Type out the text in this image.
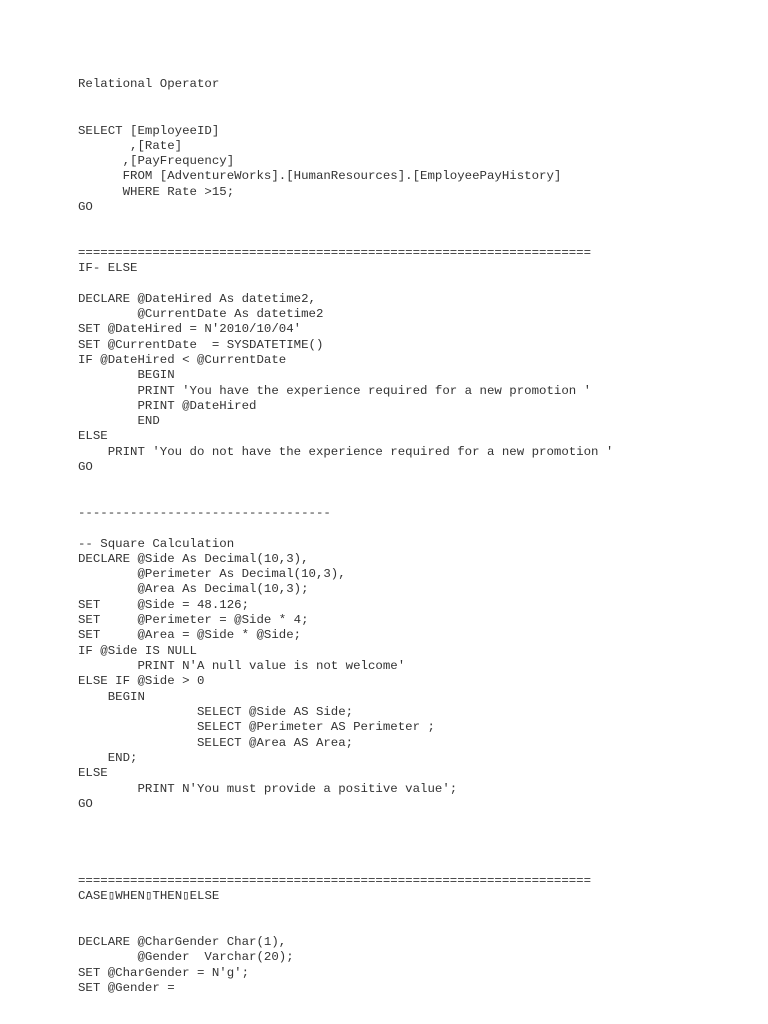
Relational Operator
SELECT [EmployeeID]
,[Rate]
,[PayFrequency]
FROM [AdventureWorks].[HumanResources].[EmployeePayHistory]
WHERE Rate >15;
GO
=====================================================================
IF- ELSE
DECLARE @DateHired As datetime2,
@CurrentDate As datetime2
SET @DateHired = N'2010/10/04'
SET @CurrentDate  = SYSDATETIME()
IF @DateHired < @CurrentDate
BEGIN
PRINT 'You have the experience required for a new promotion '
PRINT @DateHired
END
ELSE
PRINT 'You do not have the experience required for a new promotion '
GO
----------------------------------
-- Square Calculation
DECLARE @Side As Decimal(10,3),
@Perimeter As Decimal(10,3),
@Area As Decimal(10,3);
SET     @Side = 48.126;
SET     @Perimeter = @Side * 4;
SET     @Area = @Side * @Side;
IF @Side IS NULL
PRINT N'A null value is not welcome'
ELSE IF @Side > 0
BEGIN
SELECT @Side AS Side;
SELECT @Perimeter AS Perimeter ;
SELECT @Area AS Area;
END;
ELSE
PRINT N'You must provide a positive value';
GO
=====================================================================
CASE▯WHEN▯THEN▯ELSE
DECLARE @CharGender Char(1),
@Gender  Varchar(20);
SET @CharGender = N'g';
SET @Gender =
